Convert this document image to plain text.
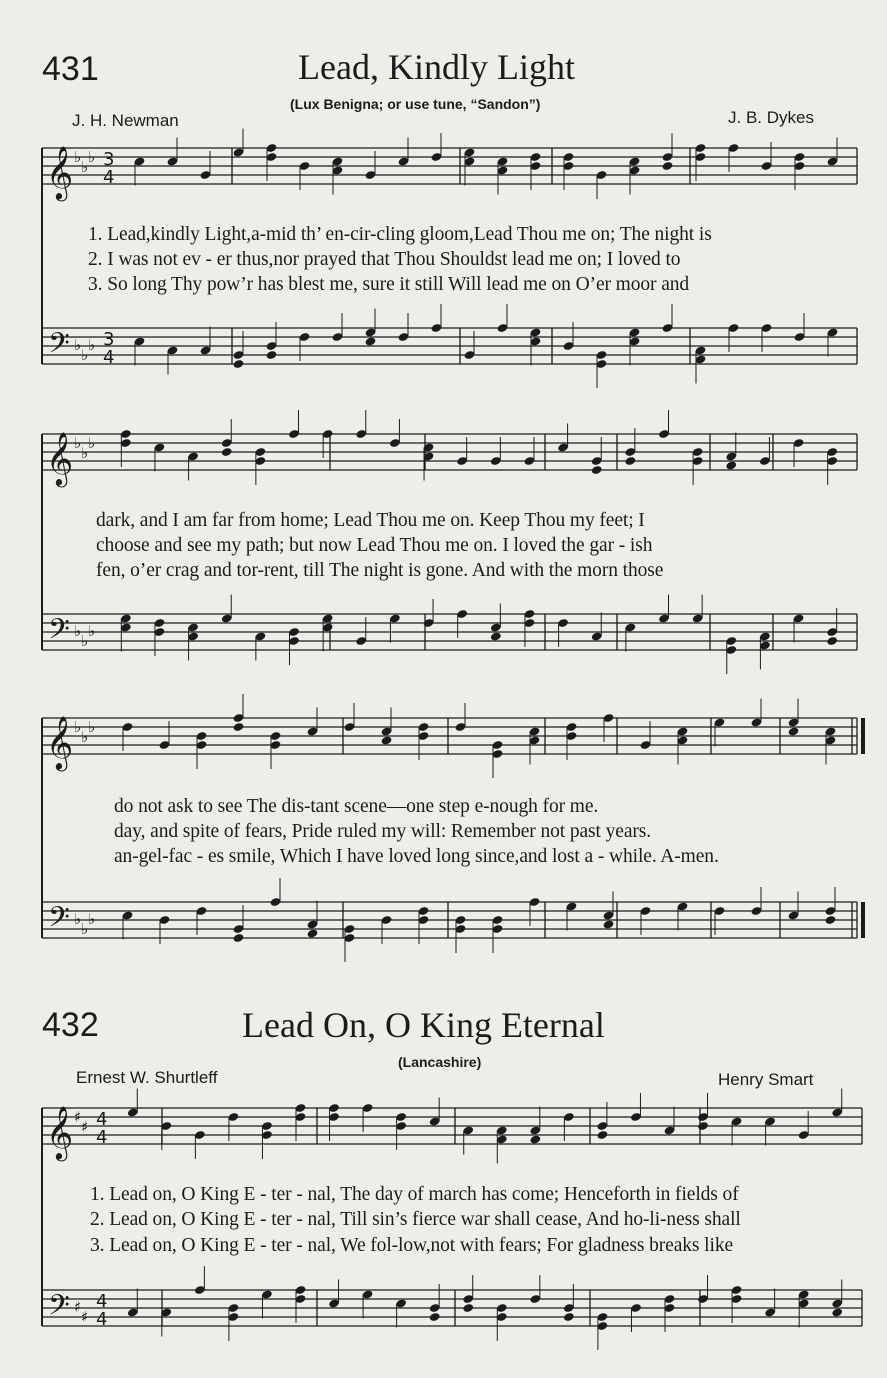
431	Lead, Kindly Light
(Lux Benigna; or use tune, “Sandon”)
J. H. Newman	J. B. Dykes
1. Lead,kindly Light,a-mid th’ en-cir-cling gloom,Lead Thou me on; The night is
2. I was not ev - er thus,nor prayed that Thou Shouldst lead me on; I loved to
3. So long Thy pow’r has blest me, sure it still Will lead me on O’er moor and
dark, and I am far from home; Lead Thou me on. Keep Thou my feet; I
choose and see my path; but now Lead Thou me on. I loved the gar - ish
fen, o’er crag and tor-rent, till The night is gone. And with the morn those
do not ask to see The dis-tant scene—one step e-nough for me.
day, and spite of fears, Pride ruled my will: Remember not past years.
an-gel-fac - es smile, Which I have loved long since,and lost a - while. A-men.
432	Lead On, O King Eternal
(Lancashire)
Ernest W. Shurtleff	Henry Smart
1. Lead on, O King E - ter - nal, The day of march has come; Henceforth in fields of
2. Lead on, O King E - ter - nal, Till sin’s fierce war shall cease, And ho-li-ness shall
3. Lead on, O King E - ter - nal, We fol-low,not with fears; For gladness breaks like
𝄞
𝄢
♭
♭
♭
♭
♭
♭
3
4
3
4
𝄞
𝄢
♭
♭
♭
♭
♭
♭
𝄞
𝄢
♭
♭
♭
♭
♭
♭
𝄞
𝄢
♯
♯
♯
♯
4
4
4
4
